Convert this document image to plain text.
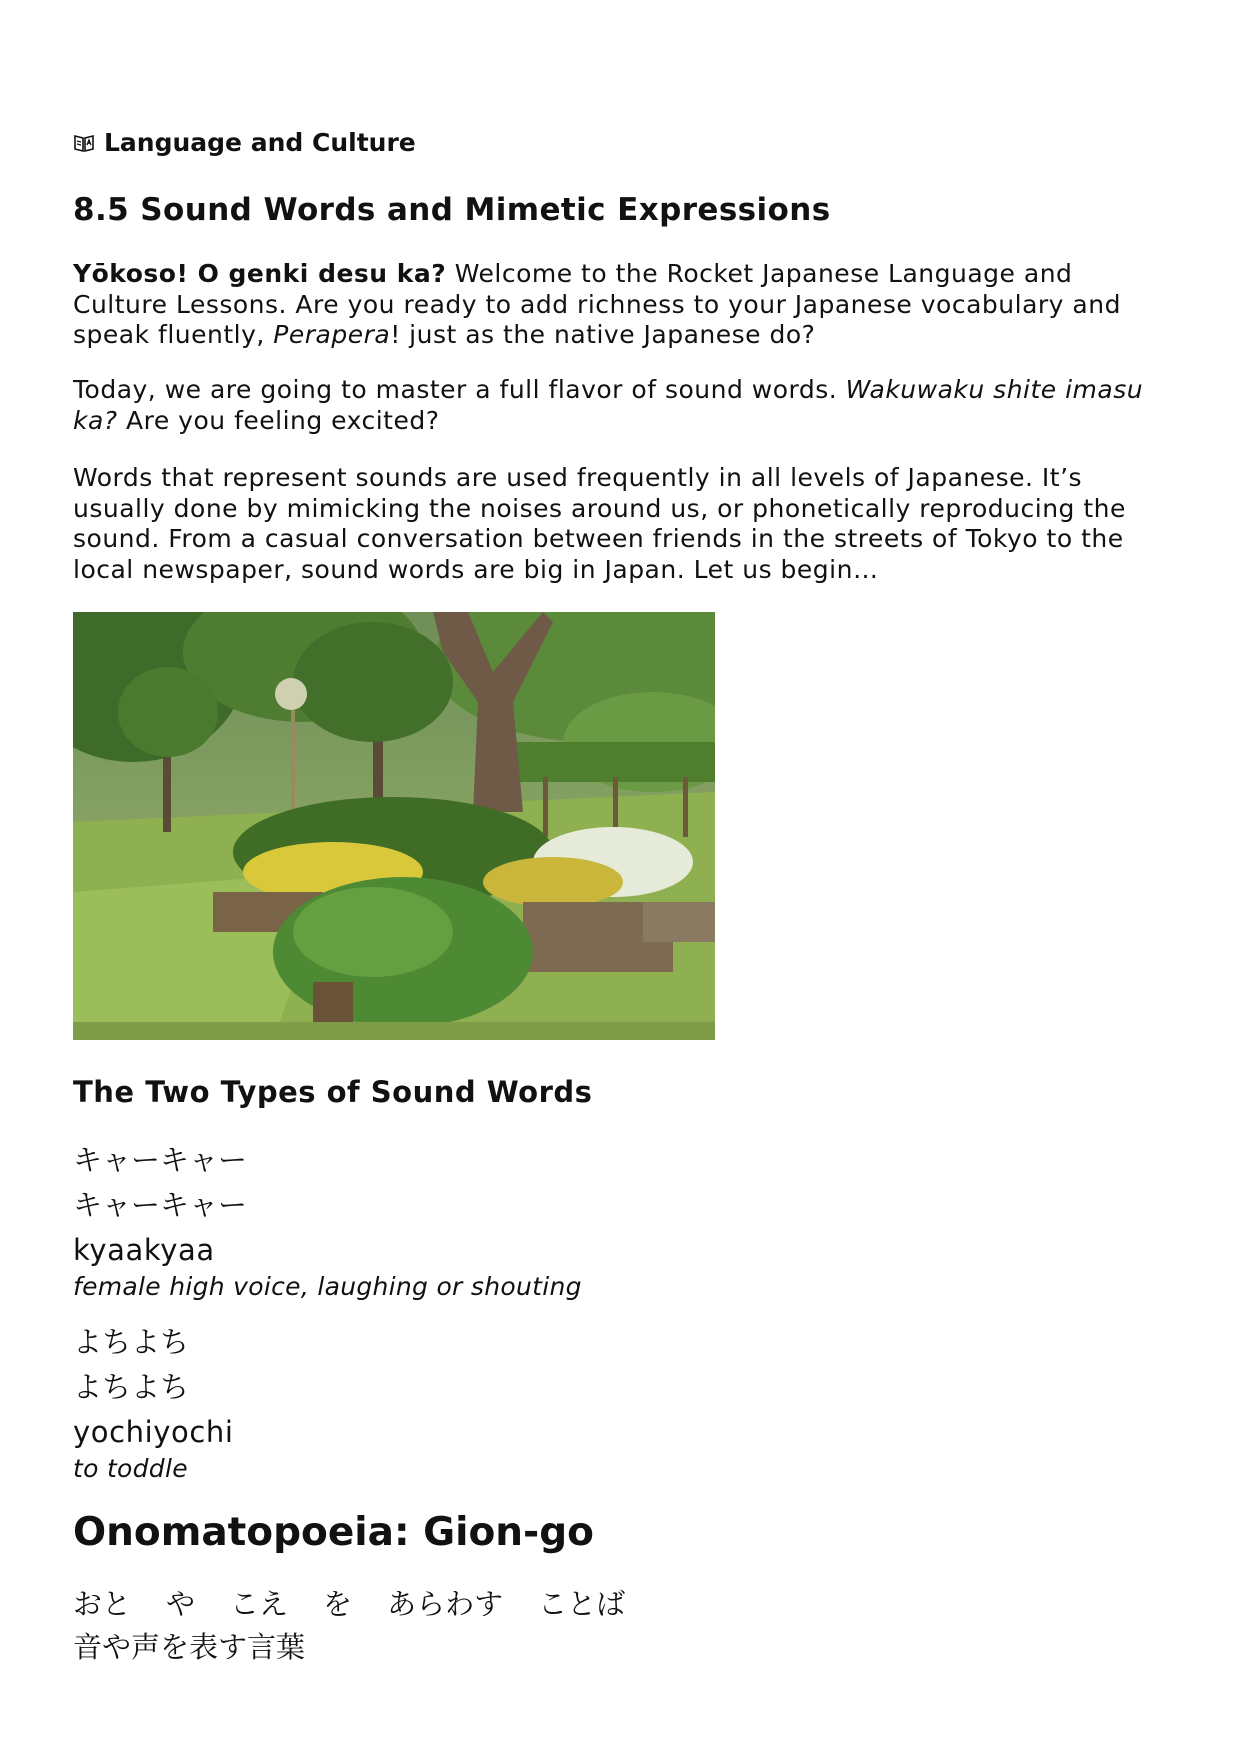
Language and Culture
8.5 Sound Words and Mimetic Expressions

Yōkoso! O genki desu ka? Welcome to the Rocket Japanese Language and Culture Lessons. Are you ready to add richness to your Japanese vocabulary and speak fluently, Perapera! just as the native Japanese do?

Today, we are going to master a full flavor of sound words. Wakuwaku shite imasu ka? Are you feeling excited?

Words that represent sounds are used frequently in all levels of Japanese. It’s usually done by mimicking the noises around us, or phonetically reproducing the sound. From a casual conversation between friends in the streets of Tokyo to the local newspaper, sound words are big in Japan. Let us begin…

The Two Types of Sound Words
キャーキャー
キャーキャー
kyaakyaa
female high voice, laughing or shouting
よちよち
よちよち
yochiyochi
to toddle
Onomatopoeia: Gion-go
おと や こえ を あらわす ことば
音や声を表す言葉
